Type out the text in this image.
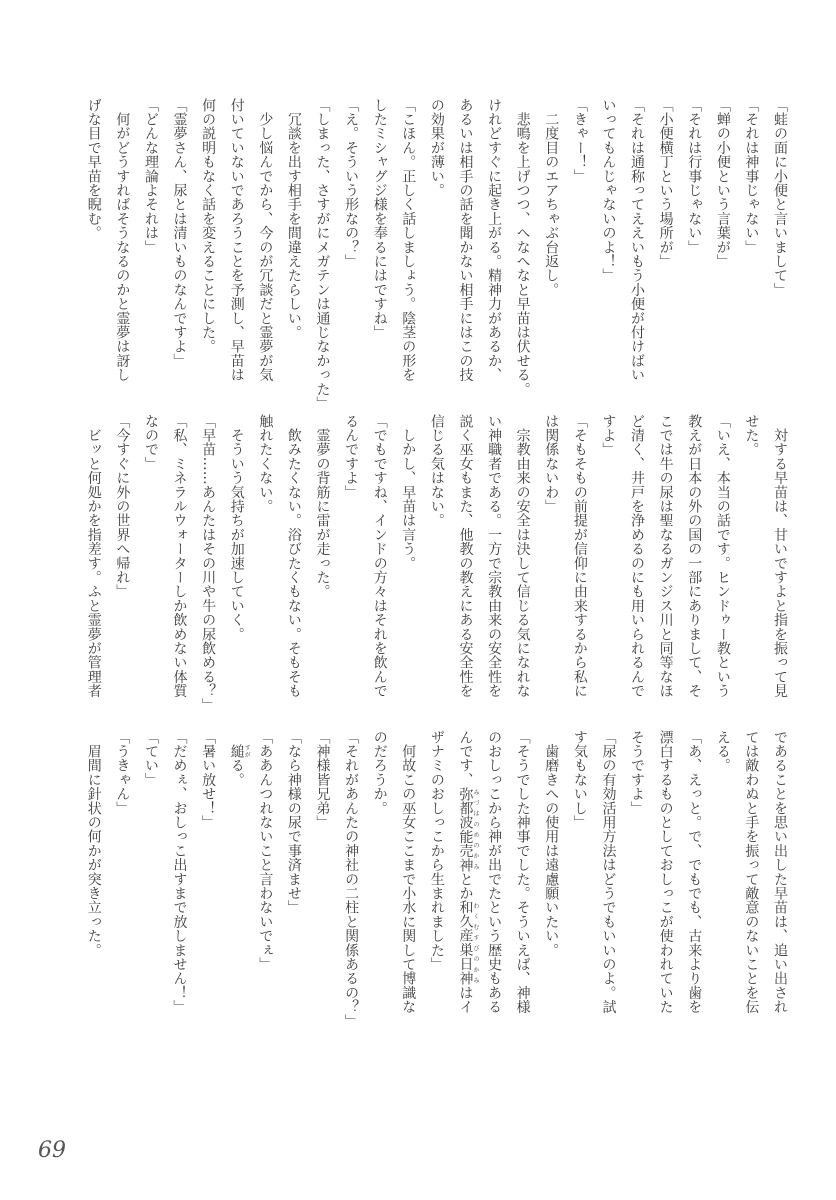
「蛙の面に小便と言いまして」
「それは神事じゃない」
「蝉の小便という言葉が」
「それは行事じゃない」
「小便横丁という場所が」
「それは通称ってええいもう小便が付けばい
いってもんじゃないのよ！」
「きゃー！」
　二度目のエアちゃぶ台返し。
　悲鳴を上げつつ、へなへなと早苗は伏せる。
けれどすぐに起き上がる。精神力があるか、
あるいは相手の話を聞かない相手にはこの技
の効果が薄い。
「こほん。正しく話しましょう。陰茎の形を
したミシャグジ様を奉るにはですね」
「え。そういう形なの？」
「しまった、さすがにメガテンは通じなかった」
　冗談を出す相手を間違えたらしい。
　少し悩んでから、今のが冗談だと霊夢が気
付いていないであろうことを予測し、早苗は
何の説明もなく話を変えることにした。
「霊夢さん、尿とは清いものなんですよ」
「どんな理論よそれは」
　何がどうすればそうなるのかと霊夢は訝し
げな目で早苗を睨む。
　対する早苗は、甘いですよと指を振って見
せた。
「いえ、本当の話です。ヒンドゥー教という
教えが日本の外の国の一部にありまして、そ
こでは牛の尿は聖なるガンジス川と同等なほ
ど清く、井戸を浄めるのにも用いられるんで
すよ」
「そもそもの前提が信仰に由来するから私に
は関係ないわ」
　宗教由来の安全は決して信じる気になれな
い神職者である。一方で宗教由来の安全性を
説く巫女もまた、他教の教えにある安全性を
信じる気はない。
　しかし、早苗は言う。
「でもですね、インドの方々はそれを飲んで
るんですよ」
　霊夢の背筋に雷が走った。
　飲みたくない。浴びたくもない。そもそも
触れたくない。
　そういう気持ちが加速していく。
「早苗……あんたはその川や牛の尿飲める？」
「私、ミネラルウォーターしか飲めない体質
なので」
「今すぐに外の世界へ帰れ」
　ビッと何処かを指差す。ふと霊夢が管理者
であることを思い出した早苗は、追い出され
ては敵わぬと手を振って敵意のないことを伝
える。
「あ、えっと。で、でもでも、古来より歯を
漂白するものとしておしっこが使われていた
そうですよ」
「尿の有効活用方法はどうでもいいのよ。試
す気もないし」
　歯磨きへの使用は遠慮願いたい。
「そうでした神事でした。そういえば、神様
のおしっこから神が出でたという歴史もある
んです、弥都波能売神みづはのめのかみとか和久産巣日神わくむすびのかみはイ
ザナミのおしっこから生まれました」
　何故この巫女ここまで小水に関して博識な
のだろうか。
「それがあんたの神社の二柱と関係あるの？」
「神様皆兄弟」
「なら神様の尿で事済ませ」
「ああんつれないこと言わないでぇ」
　縋すがる。
「暑い放せ！」
「だめぇ、おしっこ出すまで放しません！」
「てい」
「うきゃん」
　眉間に針状の何かが突き立った。
69
